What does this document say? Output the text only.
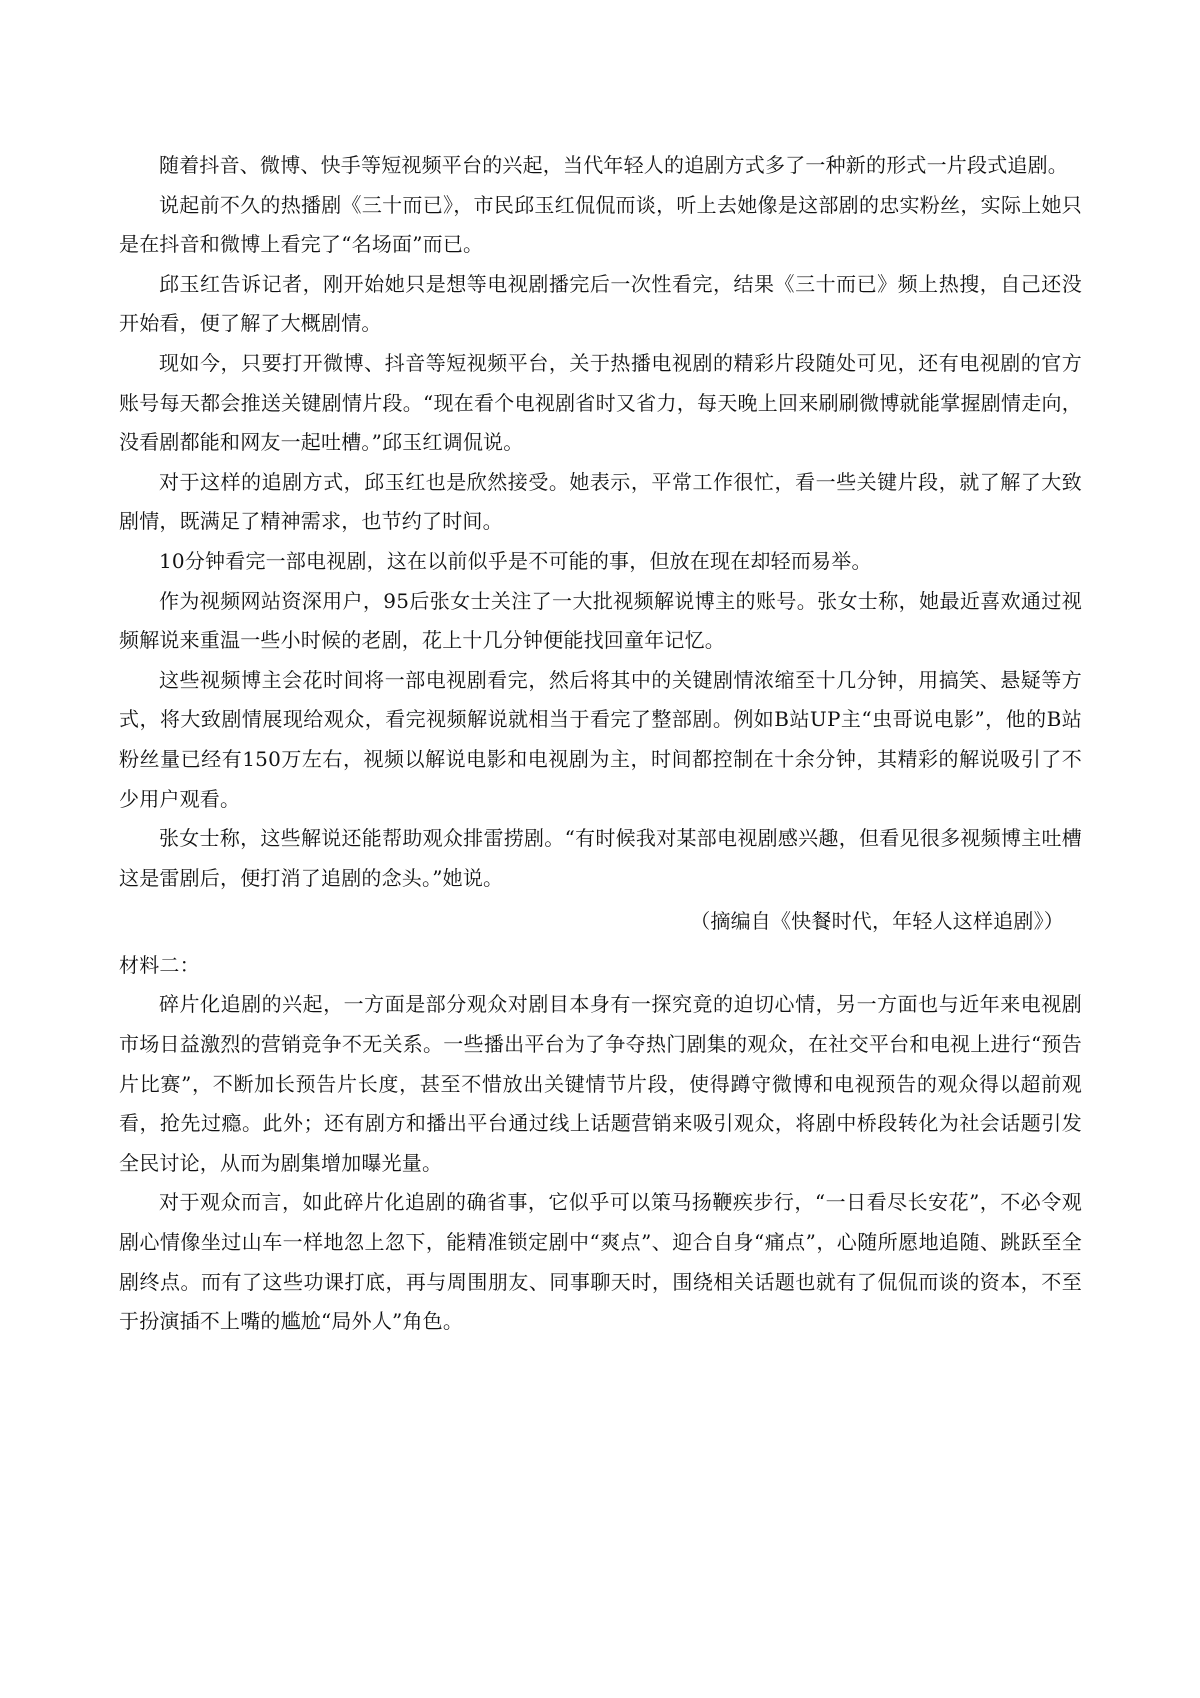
随着抖音、微博、快手等短视频平台的兴起，当代年轻人的追剧方式多了一种新的形式一片段式追剧。

说起前不久的热播剧《三十而已》，市民邱玉红侃侃而谈，听上去她像是这部剧的忠实粉丝，实际上她只是在抖音和微博上看完了“名场面”而已。

邱玉红告诉记者，刚开始她只是想等电视剧播完后一次性看完，结果《三十而已》频上热搜，自己还没开始看，便了解了大概剧情。

现如今，只要打开微博、抖音等短视频平台，关于热播电视剧的精彩片段随处可见，还有电视剧的官方账号每天都会推送关键剧情片段。“现在看个电视剧省时又省力，每天晚上回来刷刷微博就能掌握剧情走向，没看剧都能和网友一起吐槽。”邱玉红调侃说。

对于这样的追剧方式，邱玉红也是欣然接受。她表示，平常工作很忙，看一些关键片段，就了解了大致剧情，既满足了精神需求，也节约了时间。

10分钟看完一部电视剧，这在以前似乎是不可能的事，但放在现在却轻而易举。

作为视频网站资深用户，95后张女士关注了一大批视频解说博主的账号。张女士称，她最近喜欢通过视频解说来重温一些小时候的老剧，花上十几分钟便能找回童年记忆。

这些视频博主会花时间将一部电视剧看完，然后将其中的关键剧情浓缩至十几分钟，用搞笑、悬疑等方式，将大致剧情展现给观众，看完视频解说就相当于看完了整部剧。例如B站UP主“虫哥说电影”，他的B站粉丝量已经有150万左右，视频以解说电影和电视剧为主，时间都控制在十余分钟，其精彩的解说吸引了不少用户观看。

张女士称，这些解说还能帮助观众排雷捞剧。“有时候我对某部电视剧感兴趣，但看见很多视频博主吐槽这是雷剧后，便打消了追剧的念头。”她说。

（摘编自《快餐时代，年轻人这样追剧》）

材料二：

碎片化追剧的兴起，一方面是部分观众对剧目本身有一探究竟的迫切心情，另一方面也与近年来电视剧市场日益激烈的营销竞争不无关系。一些播出平台为了争夺热门剧集的观众，在社交平台和电视上进行“预告片比赛”，不断加长预告片长度，甚至不惜放出关键情节片段，使得蹲守微博和电视预告的观众得以超前观看，抢先过瘾。此外；还有剧方和播出平台通过线上话题营销来吸引观众，将剧中桥段转化为社会话题引发全民讨论，从而为剧集增加曝光量。

对于观众而言，如此碎片化追剧的确省事，它似乎可以策马扬鞭疾步行，“一日看尽长安花”，不必令观剧心情像坐过山车一样地忽上忽下，能精准锁定剧中“爽点”、迎合自身“痛点”，心随所愿地追随、跳跃至全剧终点。而有了这些功课打底，再与周围朋友、同事聊天时，围绕相关话题也就有了侃侃而谈的资本，不至于扮演插不上嘴的尴尬“局外人”角色。
